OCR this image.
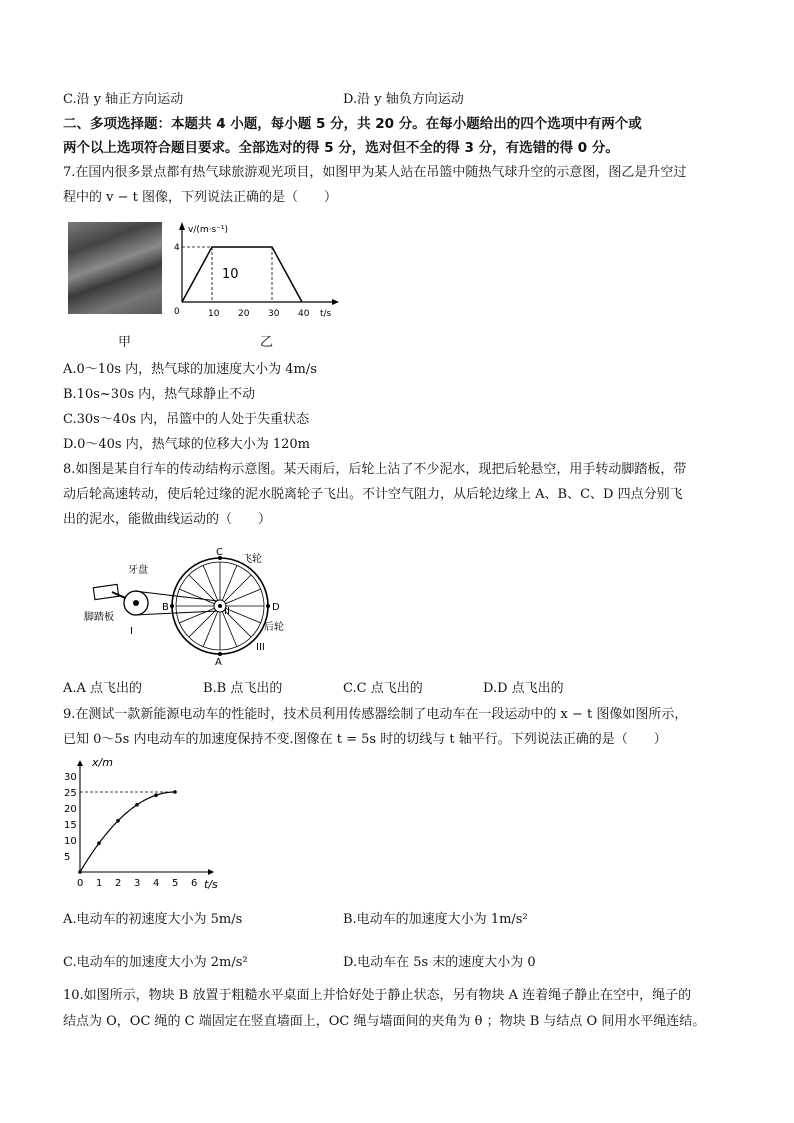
C.沿 y 轴正方向运动	D.沿 y 轴负方向运动
二、多项选择题：本题共 4 小题，每小题 5 分，共 20 分。在每小题给出的四个选项中有两个或
两个以上选项符合题目要求。全部选对的得 5 分，选对但不全的得 3 分，有选错的得 0 分。
7.在国内很多景点都有热气球旅游观光项目，如图甲为某人站在吊篮中随热气球升空的示意图，图乙是升空过
程中的 v − t 图像，下列说法正确的是（　　）
v/(m·s⁻¹)
4
0	10 20 30 40 t/s
10
甲	乙
A.0～10s 内，热气球的加速度大小为 4m/s
B.10s~30s 内，热气球静止不动
C.30s～40s 内，吊篮中的人处于失重状态
D.0～40s 内，热气球的位移大小为 120m
8.如图是某自行车的传动结构示意图。某天雨后，后轮上沾了不少泥水，现把后轮悬空，用手转动脚踏板，带
动后轮高速转动，使后轮过缘的泥水脱离轮子飞出。不计空气阻力，从后轮边缘上 A、B、C、D 四点分别飞
出的泥水，能做曲线运动的（　　）
牙盘
脚踏板
飞轮
后轮
I
II
III
A
B
C
D
A.A 点飞出的	B.B 点飞出的	C.C 点飞出的	D.D 点飞出的
9.在测试一款新能源电动车的性能时，技术员利用传感器绘制了电动车在一段运动中的 x − t 图像如图所示，
已知 0～5s 内电动车的加速度保持不变.图像在 t = 5s 时的切线与 t 轴平行。下列说法正确的是（　　）
0 1 2 3 4 5 6
5
10
15
20
25
30
x/m
t/s
A.电动车的初速度大小为 5m/s	B.电动车的加速度大小为 1m/s²
C.电动车的加速度大小为 2m/s²	D.电动车在 5s 末的速度大小为 0
10.如图所示，物块 B 放置于粗糙水平桌面上并恰好处于静止状态，另有物块 A 连着绳子静止在空中，绳子的
结点为 O，OC 绳的 C 端固定在竖直墙面上，OC 绳与墙面间的夹角为 θ ；物块 B 与结点 O 间用水平绳连结。
